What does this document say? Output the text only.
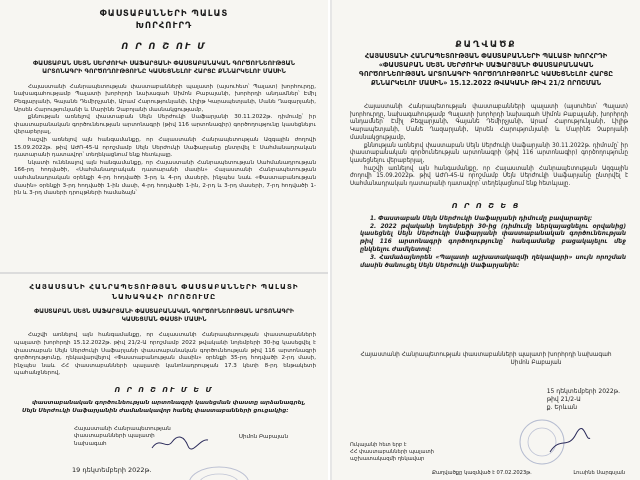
ՓԱՍՏԱԲԱՆՆԵՐԻ ՊԱԼԱՏ
ԽՈՐՀՈՒՐԴ
Ո Ր Ո Շ ՈՒ Մ
ՓԱՍՏԱԲԱՆ ՍԵՅՆ ՍԵՐԺՈՒԿԻ ՍԱՖԱՐՅԱՆԻ ՓԱՍՏԱԲԱՆԱԿԱՆ ԳՈՐԾՈՒՆԵՈՒԹՅԱՆ ԱՐՏՈՆԱԳՐԻ ԳՈՐԾՈՂՈՒԹՅՈՒՆԸ ԿԱՍԵՑՆԵԼՈՒ ՀԱՐՑԸ ՔՆՆԱՐԿԵԼՈՒ ՄԱՍԻՆ
Հայաստանի Հանրապետության փաստաբանների պալատի (այսուհետ՝ Պալատ) խորհուրդը, նախագահությամբ Պալատի խորհրդի նախագահ Սիմոն Բաբայանի, խորհրդի անդամներ՝ Էմիլ Բեգլարյանի, Գայանե Դեմիրչյանի, Արամ Հարությունյանի, Լիլիթ Կարապետյանի, Մանե Ղազարյանի, Արսեն Հարությունյանի և Մարինե Չաբոյանի մասնակցությամբ,
քննության առնելով փաստաբան Սեյն Սերժուկի Սաֆարյանի 30.11.2022թ. դիմումը՝ իր փաստաբանական գործունեության արտոնագրի (թիվ 116 արտոնագիր) գործողությունը կասեցնելու վերաբերյալ,
հաշվի առնելով այն հանգամանքը, որ Հայաստանի Հանրապետության Ազգային ժողովի 15.09.2022թ. թիվ ԱԺՈ-45-Ա որոշմամբ Սեյն Սերժուկի Սաֆարյանը ընտրվել է Սահմանադրական դատարանի դատավոր՝ տեղեկացնում ենք հետևյալը.
նկատի ունենալով այն հանգամանքը, որ Հայաստանի Հանրապետության Սահմանադրության 166-րդ հոդվածի, «Սահմանադրական դատարանի մասին» Հայաստանի Հանրապետության սահմանադրական օրենքի 4-րդ հոդվածի 3-րդ և 4-րդ մասերի, ինչպես նաև «Փաստաբանության մասին» օրենքի 3-րդ հոդվածի 1-ին մասի, 4-րդ հոդվածի 1-ին, 2-րդ և 3-րդ մասերի, 7-րդ հոդվածի 1-ին և 3-րդ մասերի դրույթների համաձայն՝
ՀԱՅԱՍՏԱՆԻ ՀԱՆՐԱՊԵՏՈՒԹՅԱՆ ՓԱՍՏԱԲԱՆՆԵՐԻ ՊԱԼԱՏԻ
ՆԱԽԱԳԱՀԻ ՈՐՈՇՈՒՄԸ
ՓԱՍՏԱԲԱՆ ՍԵՅՆ ՍԱՖԱՐՅԱՆԻ ՓԱՍՏԱԲԱՆԱԿԱՆ ԳՈՐԾՈՒՆԵՈՒԹՅԱՆ ԱՐՏՈՆԱԳՐԻ ԿԱՍԵՑՄԱՆ ՓԱՍՏԻ ՄԱՍԻՆ
Հաշվի առնելով այն հանգամանքը, որ Հայաստանի Հանրապետության փաստաբանների պալատի խորհրդի 15.12.2022թ. թիվ 21/2-Ա որոշմամբ 2022 թվականի նոյեմբերի 30-ից կասեցվել է փաստաբան Սեյն Սերժուկի Սաֆարյանի փաստաբանական գործունեության թիվ 116 արտոնագրի գործողությունը, ղեկավարվելով «Փաստաբանության մասին» օրենքի 35-րդ հոդվածի 2-րդ մասի, ինչպես նաև ՀՀ փաստաբանների պալատի կանոնադրության 17.3 կետի 8-րդ ենթակետի պահանջներով,
Ո Ր Ո Շ ՈՒ Մ Ե Մ
փաստաբանական գործունեության արտոնագրի կասեցման փաստը արձանագրել, Սեյն Սերժուկի Սաֆարյանին ժամանակավոր հանել փաստաբանների ցուցակից:
Հայաստանի Հանրապետության փաստաբանների պալատի նախագահ
Սիմոն Բաբայան
19 դեկտեմբերի 2022թ.
ՔԱՂՎԱԾՔ
ՀԱՅԱՍՏԱՆԻ ՀԱՆՐԱՊԵՏՈՒԹՅԱՆ ՓԱՍՏԱԲԱՆՆԵՐԻ ՊԱԼԱՏԻ ԽՈՐՀՐԴԻ «ՓԱՍՏԱԲԱՆ ՍԵՅՆ ՍԵՐԺՈՒԿԻ ՍԱՖԱՐՅԱՆԻ ՓԱՍՏԱԲԱՆԱԿԱՆ ԳՈՐԾՈՒՆԵՈՒԹՅԱՆ ԱՐՏՈՆԱԳՐԻ ԳՈՐԾՈՂՈՒԹՅՈՒՆԸ ԿԱՍԵՑՆԵԼՈՒ ՀԱՐՑԸ ՔՆՆԱՐԿԵԼՈՒ ՄԱՍԻՆ» 15.12.2022 ԹՎԱԿԱՆԻ ԹԻՎ 21/2 ՈՐՈՇՄԱՆ
Հայաստանի Հանրապետության փաստաբանների պալատի (այսուհետ՝ Պալատ) խորհուրդը, նախագահությամբ Պալատի խորհրդի նախագահ Սիմոն Բաբայանի, խորհրդի անդամներ՝ Էմիլ Բեգլարյանի, Գայանե Դեմիրչյանի, Արամ Հարությունյանի, Լիլիթ Կարապետյանի, Մանե Ղազարյանի, Արսեն Հարությունյանի և Մարինե Չաբոյանի մասնակցությամբ,
քննության առնելով փաստաբան Սեյն Սերժուկի Սաֆարյանի 30.11.2022թ. դիմումը՝ իր փաստաբանական գործունեության արտոնագրի (թիվ 116 արտոնագիր) գործողությունը կասեցնելու վերաբերյալ,
հաշվի առնելով այն հանգամանքը, որ Հայաստանի Հանրապետության Ազգային ժողովի 15.09.2022թ. թիվ ԱԺՈ-45-Ա որոշմամբ Սեյն Սերժուկի Սաֆարյանը ընտրվել է Սահմանադրական դատարանի դատավոր՝ տեղեկացնում ենք հետևյալը.
Ո Ր Ո Շ Ե Ց
1. Փաստաբան Սեյն Սերժուկի Սաֆարյանի դիմումը բավարարել:
2. 2022 թվականի նոյեմբերի 30-ից (դիմումը ներկայացնելու օրվանից) կասեցնել Սեյն Սերժուկի Սաֆարյանի փաստաբանական գործունեության թիվ 116 արտոնագրի գործողությունը՝ հանգամանք բացակայելու մեջ ընկնելու ժամկետով:
3. Համաձայնորեն «Պալատի աշխատակազմի ղեկավարի» սույն որոշման մասին ծանուցել Սեյն Սերժուկի Սաֆարյանին:
Հայաստանի Հանրապետության փաստաբանների պալատի խորհրդի նախագահ
Սիմոն Բաբայան
15 դեկտեմբերի 2022թ.
թիվ 21/2-Ա
ք. Երևան
Ուկալանի հետ երբ է
ՀՀ փաստաբանների պալատի
աշխատակազմի ղեկավար
Քաղվածքը կազմված է 07.02.2023թ.	Լուսինե Սարգսյան
